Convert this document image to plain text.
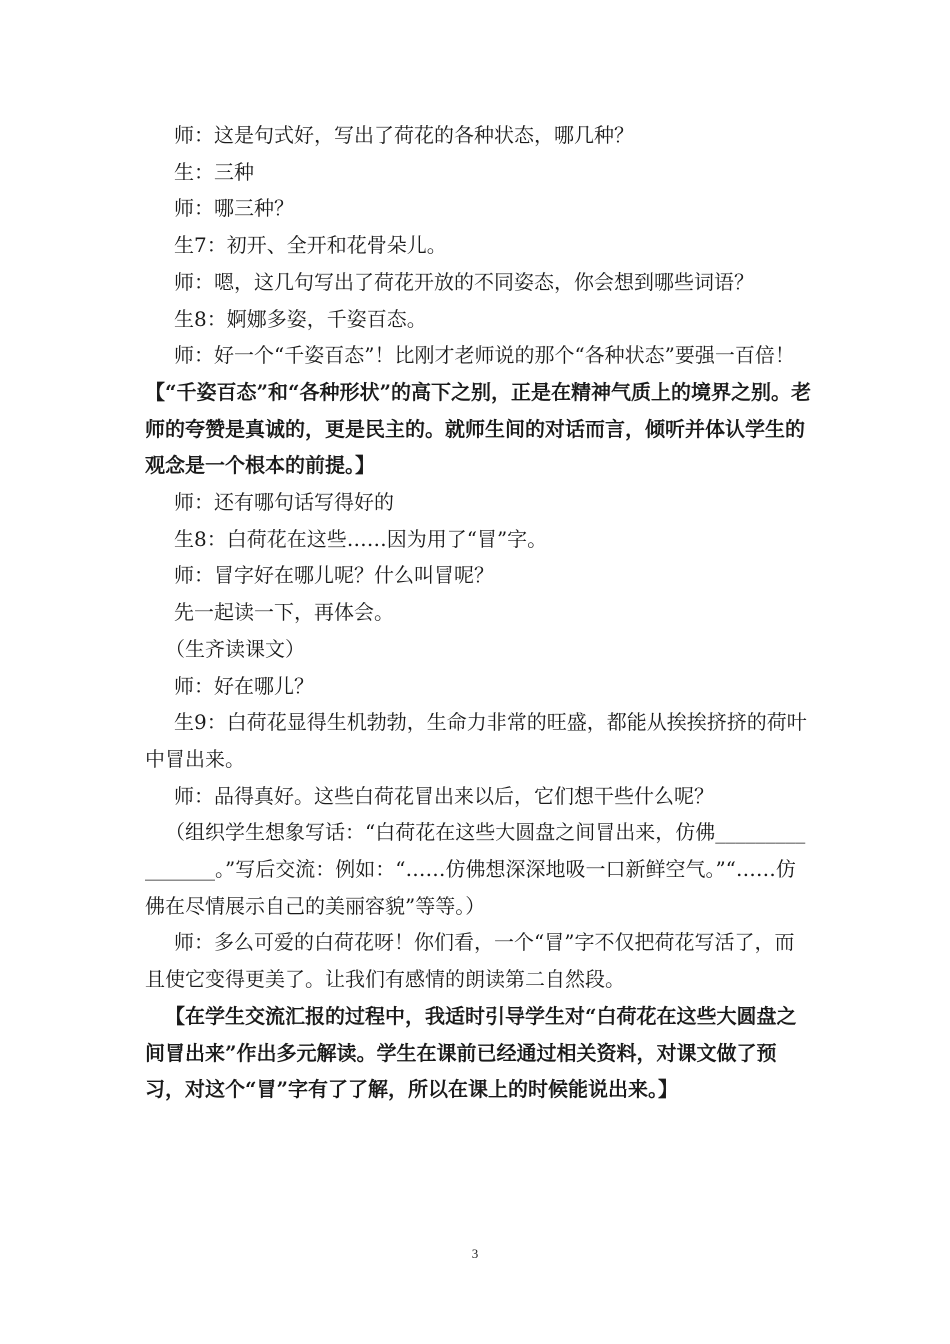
师：这是句式好，写出了荷花的各种状态，哪几种？

生：三种

师：哪三种？

生7：初开、全开和花骨朵儿。

师：嗯，这几句写出了荷花开放的不同姿态，你会想到哪些词语？

生8：婀娜多姿，千姿百态。

师：好一个“千姿百态”！比刚才老师说的那个“各种状态”要强一百倍！

【“千姿百态”和“各种形状”的高下之别，正是在精神气质上的境界之别。老师的夸赞是真诚的，更是民主的。就师生间的对话而言，倾听并体认学生的观念是一个根本的前提。】

师：还有哪句话写得好的

生8：白荷花在这些……因为用了“冒”字。

师：冒字好在哪儿呢？什么叫冒呢？

先一起读一下，再体会。

（生齐读课文）

师：好在哪儿？

生9：白荷花显得生机勃勃，生命力非常的旺盛，都能从挨挨挤挤的荷叶中冒出来。

师：品得真好。这些白荷花冒出来以后，它们想干些什么呢？

（组织学生想象写话：“白荷花在这些大圆盘之间冒出来，仿佛________________。”写后交流：例如：“……仿佛想深深地吸一口新鲜空气。”“……仿佛在尽情展示自己的美丽容貌”等等。）

师：多么可爱的白荷花呀！你们看，一个“冒”字不仅把荷花写活了，而且使它变得更美了。让我们有感情的朗读第二自然段。

【在学生交流汇报的过程中，我适时引导学生对“白荷花在这些大圆盘之间冒出来”作出多元解读。学生在课前已经通过相关资料，对课文做了预习，对这个“冒”字有了了解，所以在课上的时候能说出来。】

3
